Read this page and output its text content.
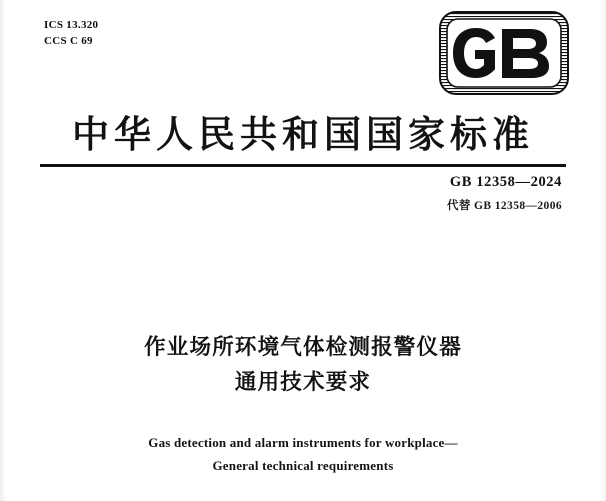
ICS 13.320
CCS C 69
中华人民共和国国家标准
GB 12358—2024
代替 GB 12358—2006
作业场所环境气体检测报警仪器
通用技术要求
Gas detection and alarm instruments for workplace—
General technical requirements
